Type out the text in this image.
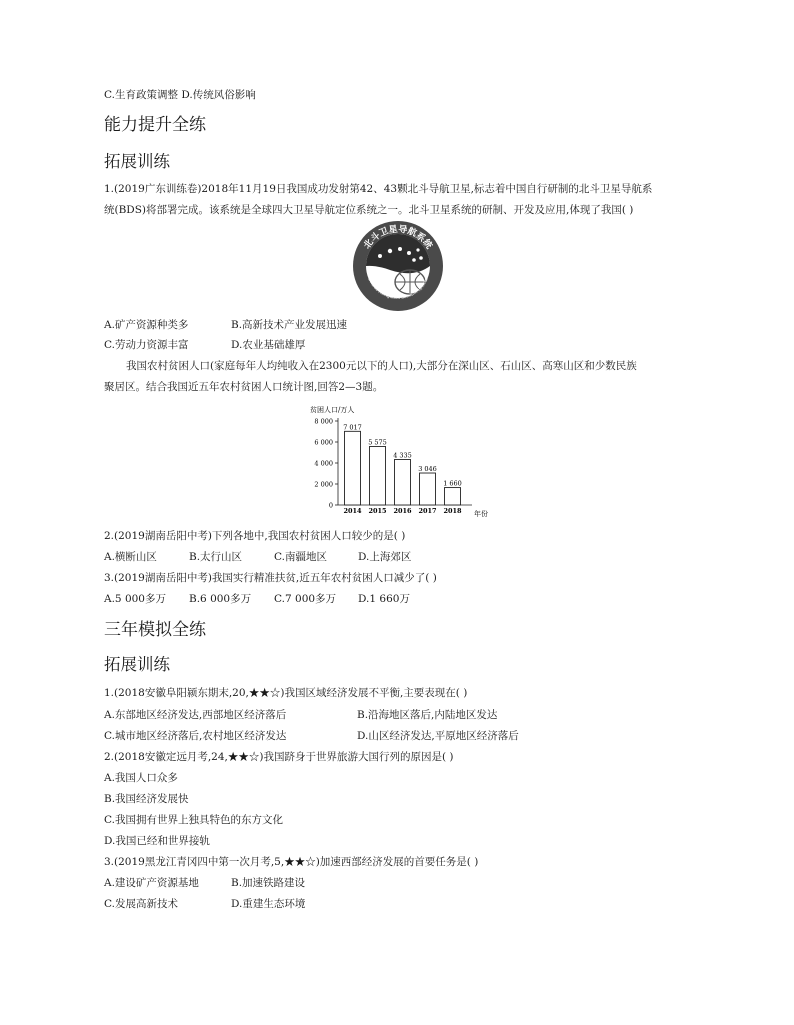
C.生育政策调整 D.传统风俗影响
能力提升全练
拓展训练
1.(2019广东训练卷)2018年11月19日我国成功发射第42、43颗北斗导航卫星,标志着中国自行研制的北斗卫星导航系
统(BDS)将部署完成。该系统是全球四大卫星导航定位系统之一。北斗卫星系统的研制、开发及应用,体现了我国( )
北斗卫星导航系统
BeiDou Navigation Satellite System
A.矿产资源种类多	B.高新技术产业发展迅速
C.劳动力资源丰富	D.农业基础雄厚
我国农村贫困人口(家庭每年人均纯收入在2300元以下的人口),大部分在深山区、石山区、高寒山区和少数民族
聚居区。结合我国近五年农村贫困人口统计图,回答2—3题。
贫困人口/万人
0
2 000
4 000
6 000
8 000
7 017
2014
5 575
2015
4 335
2016
3 046
2017
1 660
2018 年份
2.(2019湖南岳阳中考)下列各地中,我国农村贫困人口较少的是( )
A.横断山区	B.太行山区	C.南疆地区	D.上海郊区
3.(2019湖南岳阳中考)我国实行精准扶贫,近五年农村贫困人口减少了( )
A.5 000多万 B.6 000多万 C.7 000多万 D.1 660万
三年模拟全练
拓展训练
1.(2018安徽阜阳颍东期末,20,★★☆)我国区域经济发展不平衡,主要表现在( )
A.东部地区经济发达,西部地区经济落后	B.沿海地区落后,内陆地区发达
C.城市地区经济落后,农村地区经济发达	D.山区经济发达,平原地区经济落后
2.(2018安徽定远月考,24,★★☆)我国跻身于世界旅游大国行列的原因是( )
A.我国人口众多
B.我国经济发展快
C.我国拥有世界上独具特色的东方文化
D.我国已经和世界接轨
3.(2019黑龙江青冈四中第一次月考,5,★★☆)加速西部经济发展的首要任务是( )
A.建设矿产资源基地	B.加速铁路建设
C.发展高新技术	D.重建生态环境
